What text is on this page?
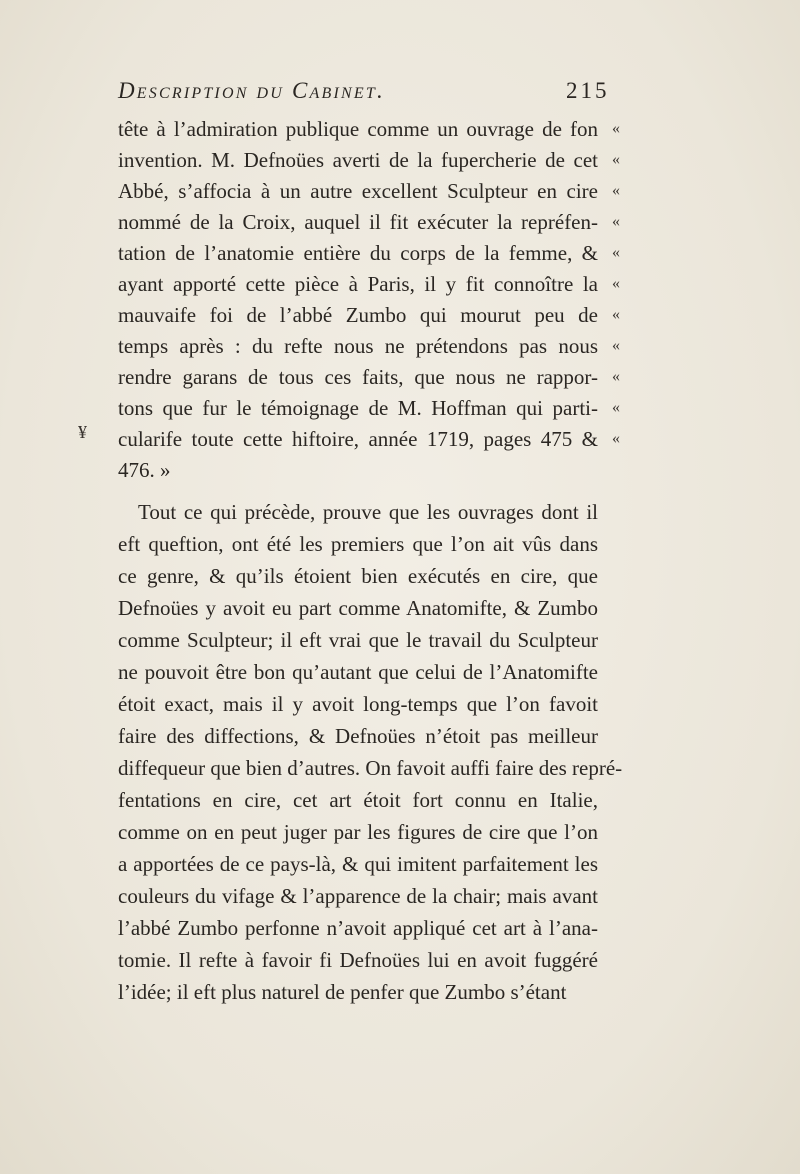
Description du Cabinet.	215
tête à l’admiration publique comme un ouvrage de fon
invention. M. Defnoües averti de la fupercherie de cet
Abbé, s’affocia à un autre excellent Sculpteur en cire
nommé de la Croix, auquel il fit exécuter la repréfen-
tation de l’anatomie entière du corps de la femme, &
ayant apporté cette pièce à Paris, il y fit connoître la
mauvaife foi de l’abbé Zumbo qui mourut peu de
temps après : du refte nous ne prétendons pas nous
rendre garans de tous ces faits, que nous ne rappor-
tons que fur le témoignage de M. Hoffman qui parti-
cularife toute cette hiftoire, année 1719, pages 475 &
476. »
Tout ce qui précède, prouve que les ouvrages dont il
eft queftion, ont été les premiers que l’on ait vûs dans
ce genre, & qu’ils étoient bien exécutés en cire, que
Defnoües y avoit eu part comme Anatomifte, & Zumbo
comme Sculpteur; il eft vrai que le travail du Sculpteur
ne pouvoit être bon qu’autant que celui de l’Anatomifte
étoit exact, mais il y avoit long-temps que l’on favoit
faire des diffections, & Defnoües n’étoit pas meilleur
diffequeur que bien d’autres. On favoit auffi faire des repré-
fentations en cire, cet art étoit fort connu en Italie,
comme on en peut juger par les figures de cire que l’on
a apportées de ce pays-là, & qui imitent parfaitement les
couleurs du vifage & l’apparence de la chair; mais avant
l’abbé Zumbo perfonne n’avoit appliqué cet art à l’ana-
tomie. Il refte à favoir fi Defnoües lui en avoit fuggéré
l’idée; il eft plus naturel de penfer que Zumbo s’étant
«
«
«
«
«
«
«
«
«
«
«
¥
